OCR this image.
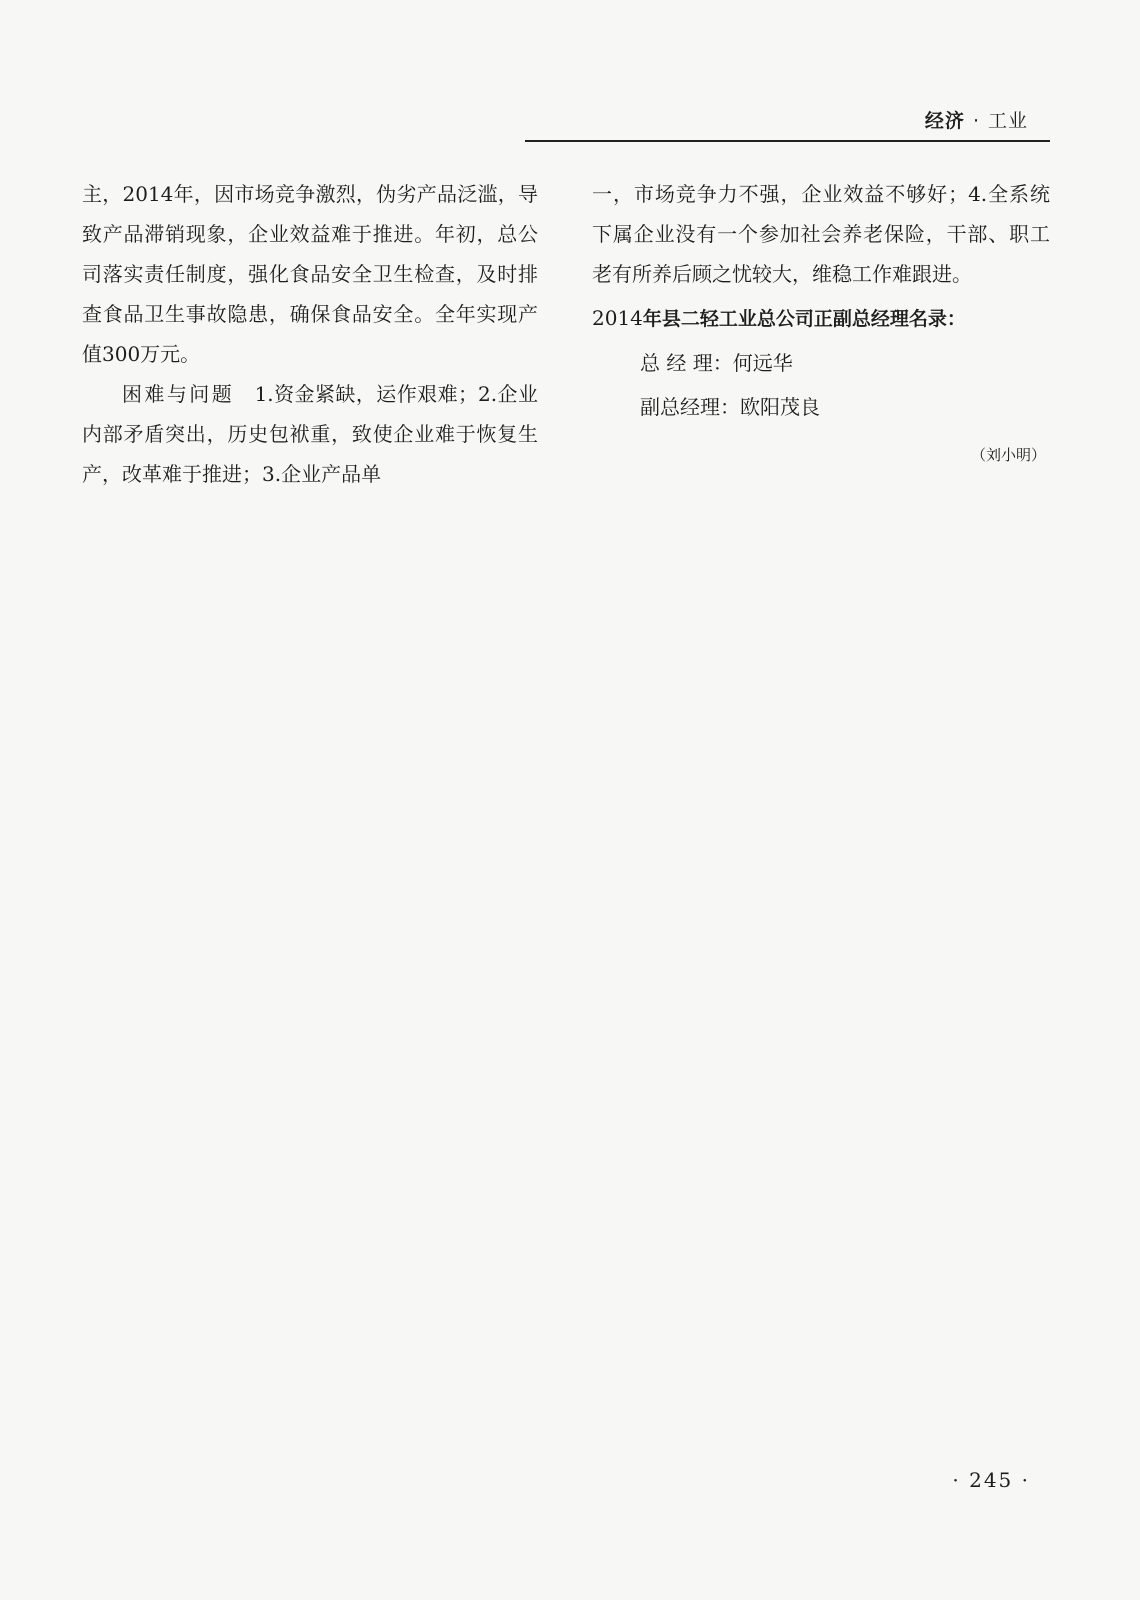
经济 · 工业

主，2014年，因市场竞争激烈，伪劣产品泛滥，导致产品滞销现象，企业效益难于推进。年初，总公司落实责任制度，强化食品安全卫生检查，及时排查食品卫生事故隐患，确保食品安全。全年实现产值300万元。

困难与问题 1.资金紧缺，运作艰难；2.企业内部矛盾突出，历史包袱重，致使企业难于恢复生产，改革难于推进；3.企业产品单

一，市场竞争力不强，企业效益不够好；4.全系统下属企业没有一个参加社会养老保险，干部、职工老有所养后顾之忧较大，维稳工作难跟进。

2014年县二轻工业总公司正副总经理名录：

总 经 理：何远华

副总经理：欧阳茂良

（刘小明）

· 245 ·
